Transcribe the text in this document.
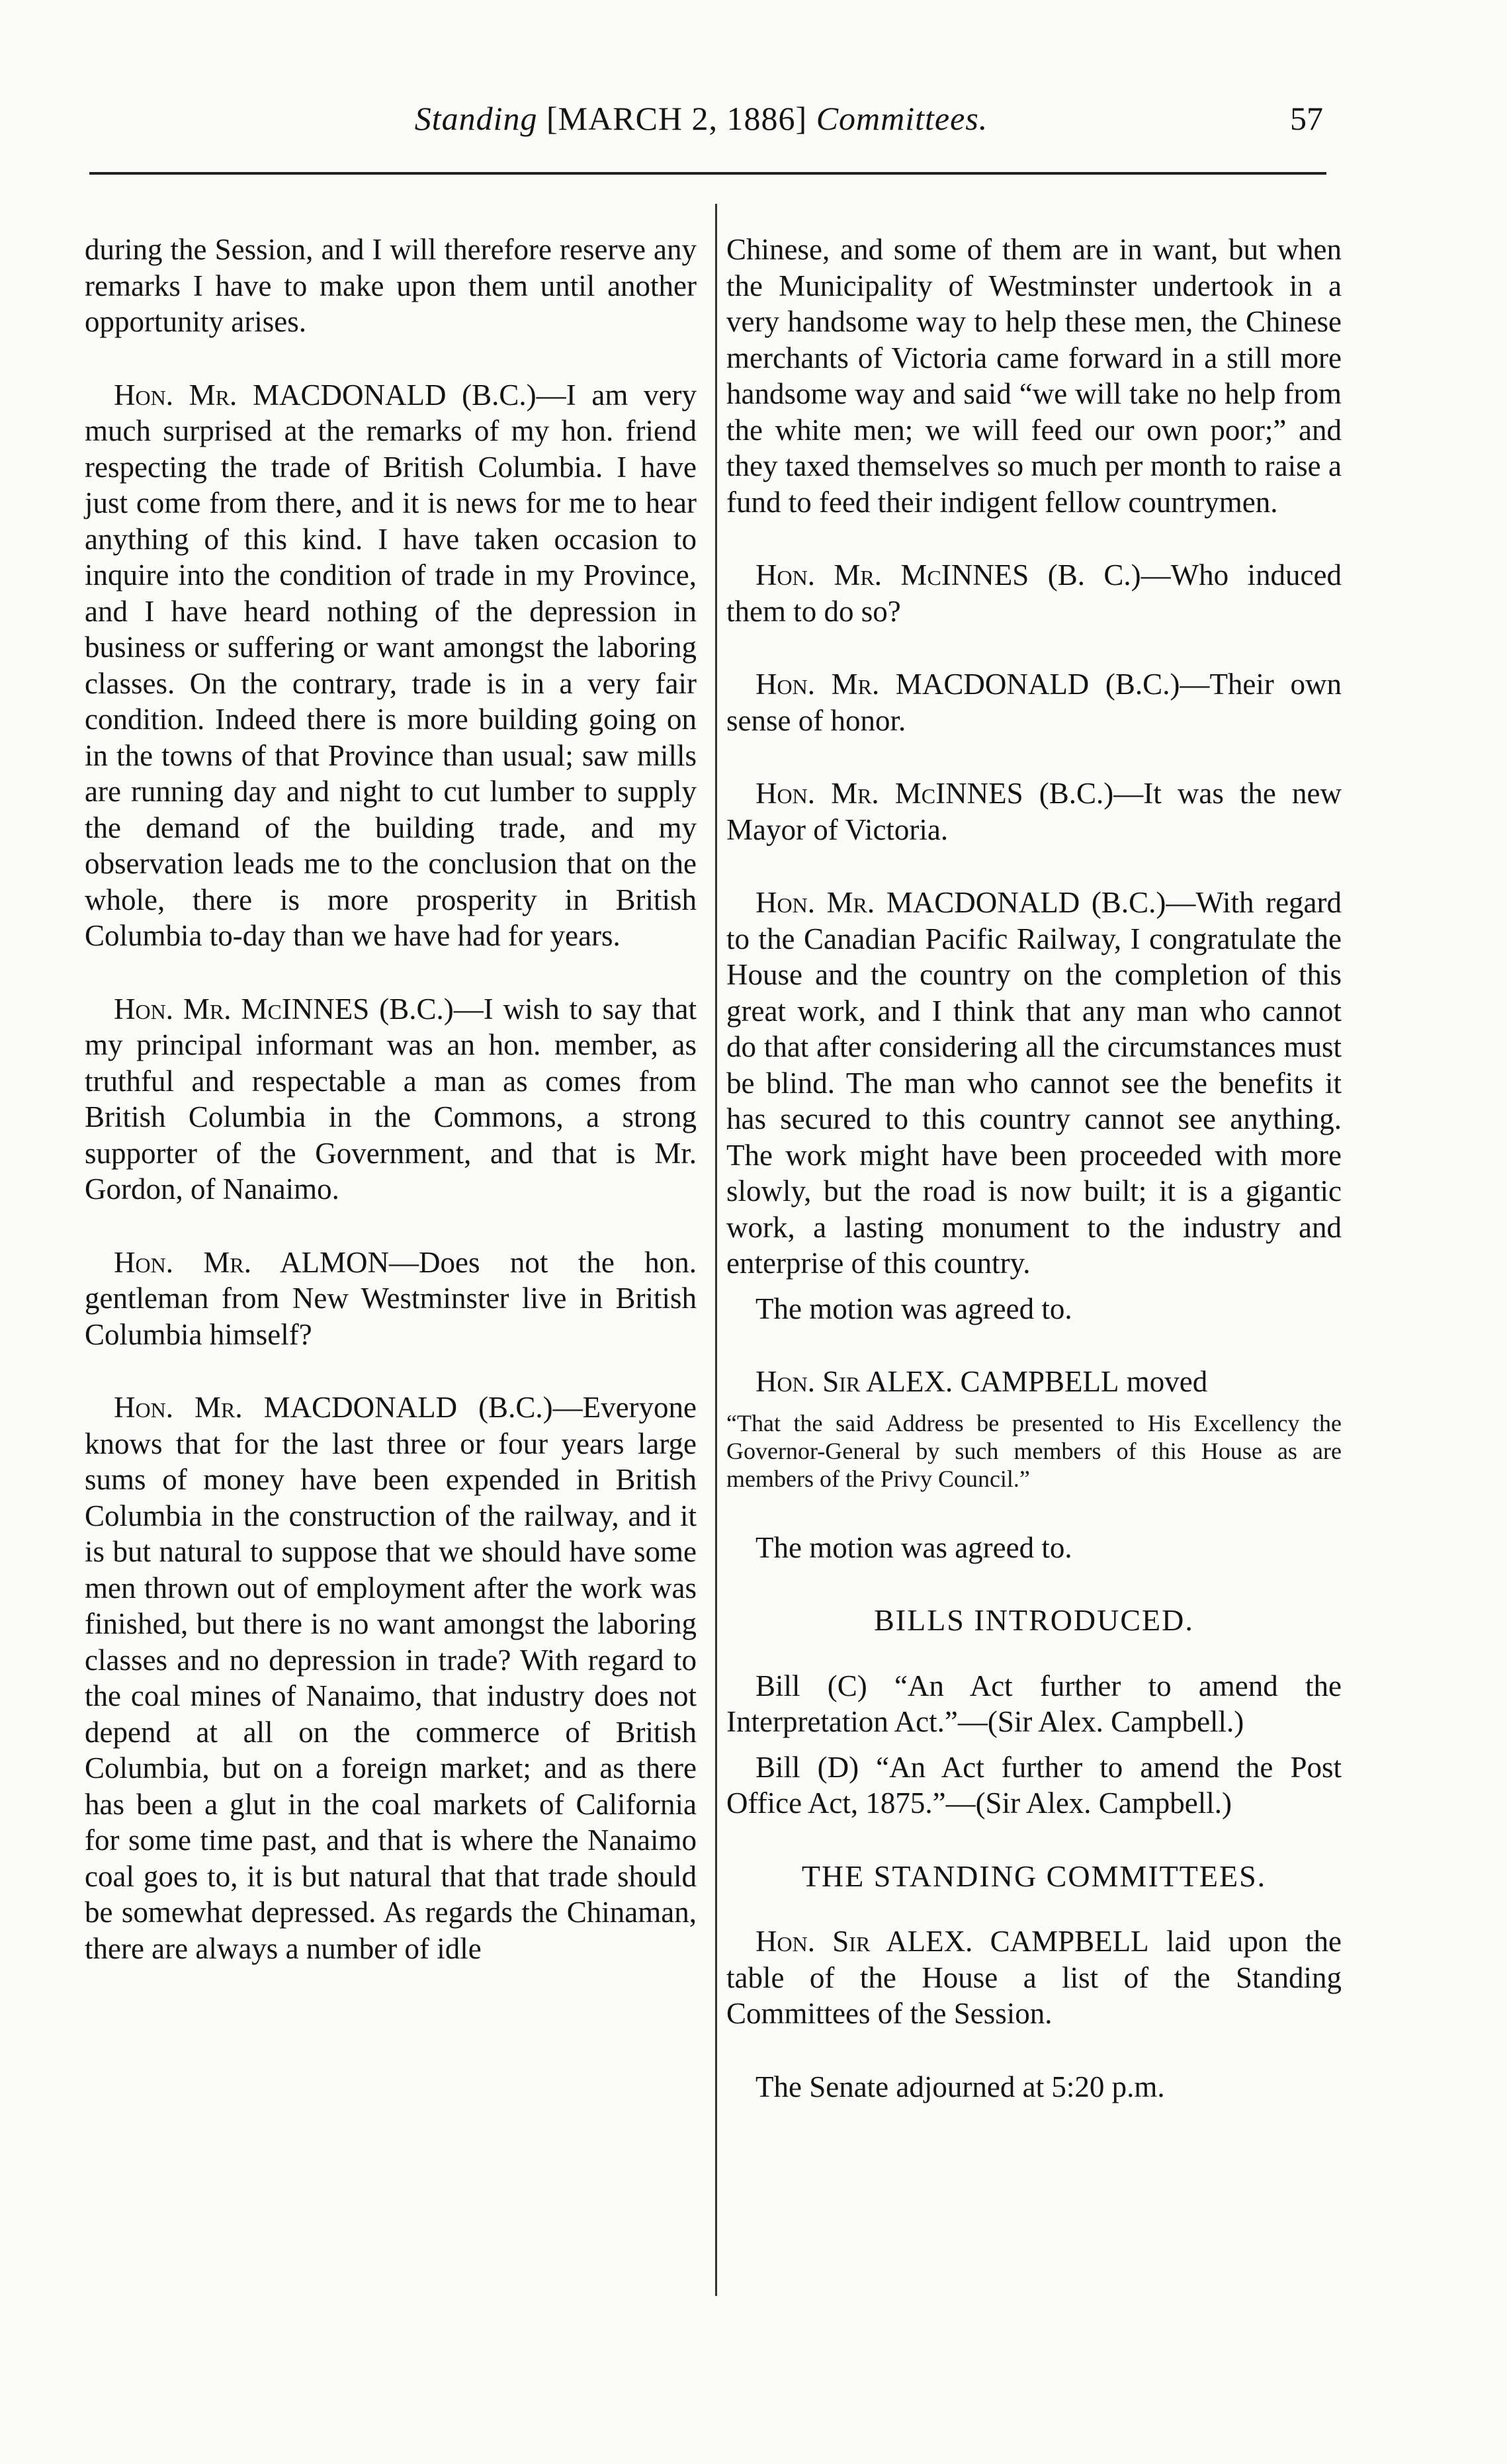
Standing [MARCH 2, 1886] Committees.	57

during the Session, and I will therefore reserve any remarks I have to make upon them until another opportunity arises.

Hon. Mr. MACDONALD (B.C.)—I am very much surprised at the remarks of my hon. friend respecting the trade of British Columbia. I have just come from there, and it is news for me to hear anything of this kind. I have taken occasion to inquire into the condition of trade in my Province, and I have heard nothing of the depression in business or suffering or want amongst the laboring classes. On the contrary, trade is in a very fair condition. Indeed there is more building going on in the towns of that Province than usual; saw mills are running day and night to cut lumber to supply the demand of the building trade, and my observation leads me to the conclusion that on the whole, there is more prosperity in British Columbia to-day than we have had for years.

Hon. Mr. McINNES (B.C.)—I wish to say that my principal informant was an hon. member, as truthful and respectable a man as comes from British Columbia in the Commons, a strong supporter of the Government, and that is Mr. Gordon, of Nanaimo.

Hon. Mr. ALMON—Does not the hon. gentleman from New Westminster live in British Columbia himself?

Hon. Mr. MACDONALD (B.C.)—Everyone knows that for the last three or four years large sums of money have been expended in British Columbia in the construction of the railway, and it is but natural to suppose that we should have some men thrown out of employment after the work was finished, but there is no want amongst the laboring classes and no depression in trade? With regard to the coal mines of Nanaimo, that industry does not depend at all on the commerce of British Columbia, but on a foreign market; and as there has been a glut in the coal markets of California for some time past, and that is where the Nanaimo coal goes to, it is but natural that that trade should be somewhat depressed. As regards the Chinaman, there are always a number of idle

Chinese, and some of them are in want, but when the Municipality of Westminster undertook in a very handsome way to help these men, the Chinese merchants of Victoria came forward in a still more handsome way and said “we will take no help from the white men; we will feed our own poor;” and they taxed themselves so much per month to raise a fund to feed their indigent fellow countrymen.

Hon. Mr. McINNES (B. C.)—Who induced them to do so?

Hon. Mr. MACDONALD (B.C.)—Their own sense of honor.

Hon. Mr. McINNES (B.C.)—It was the new Mayor of Victoria.

Hon. Mr. MACDONALD (B.C.)—With regard to the Canadian Pacific Railway, I congratulate the House and the country on the completion of this great work, and I think that any man who cannot do that after considering all the circumstances must be blind. The man who cannot see the benefits it has secured to this country cannot see anything. The work might have been proceeded with more slowly, but the road is now built; it is a gigantic work, a lasting monument to the industry and enterprise of this country.

The motion was agreed to.

Hon. Sir ALEX. CAMPBELL moved

“That the said Address be presented to His Excellency the Governor-General by such members of this House as are members of the Privy Council.”

The motion was agreed to.

BILLS INTRODUCED.

Bill (C) “An Act further to amend the Interpretation Act.”—(Sir Alex. Campbell.)

Bill (D) “An Act further to amend the Post Office Act, 1875.”—(Sir Alex. Campbell.)

THE STANDING COMMITTEES.

Hon. Sir ALEX. CAMPBELL laid upon the table of the House a list of the Standing Committees of the Session.

The Senate adjourned at 5:20 p.m.
